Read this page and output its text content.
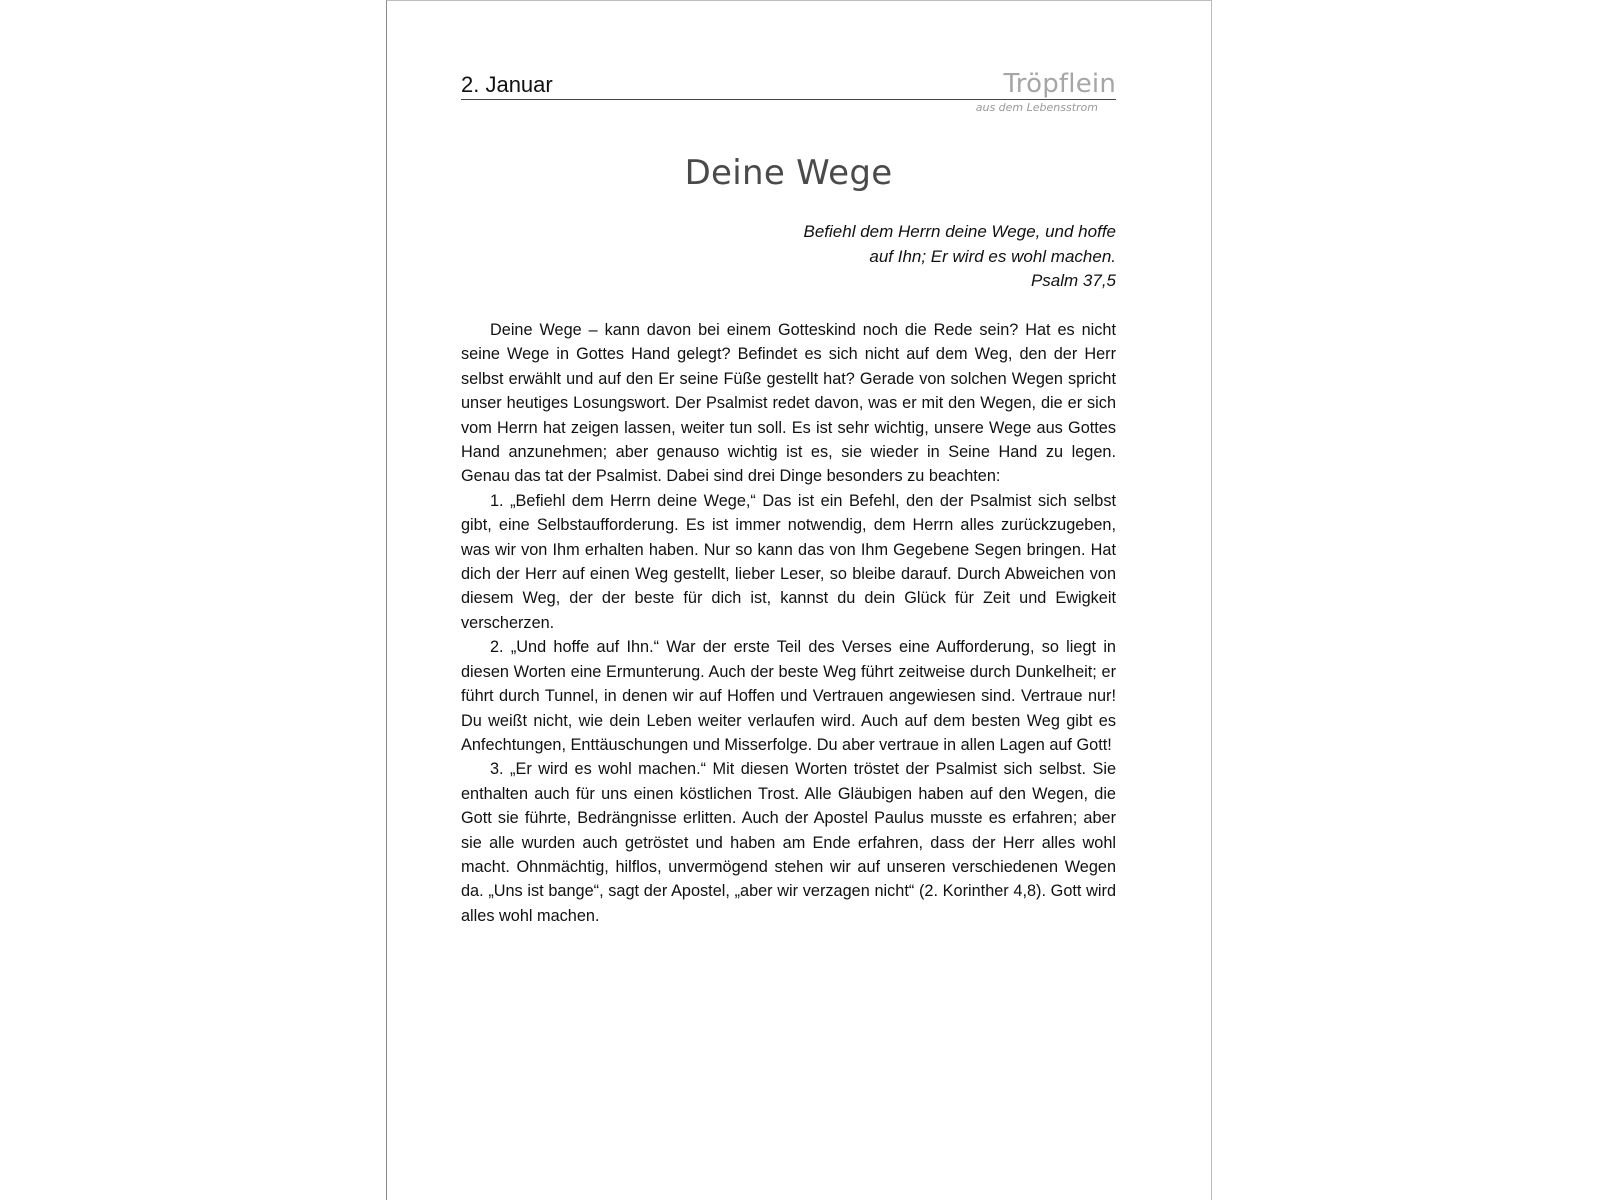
2. Januar	Tröpflein
aus dem Lebensstrom
Deine Wege
Befiehl dem Herrn deine Wege, und hoffe
auf Ihn; Er wird es wohl machen.
Psalm 37,5

Deine Wege – kann davon bei einem Gotteskind noch die Rede sein? Hat es nicht seine Wege in Gottes Hand gelegt? Befindet es sich nicht auf dem Weg, den der Herr selbst erwählt und auf den Er seine Füße gestellt hat? Gerade von solchen Wegen spricht unser heutiges Losungswort. Der Psalmist redet davon, was er mit den Wegen, die er sich vom Herrn hat zeigen lassen, weiter tun soll. Es ist sehr wichtig, unsere Wege aus Gottes Hand anzunehmen; aber genauso wichtig ist es, sie wieder in Seine Hand zu legen. Genau das tat der Psalmist. Dabei sind drei Dinge besonders zu beachten:

1. „Befiehl dem Herrn deine Wege,“ Das ist ein Befehl, den der Psalmist sich selbst gibt, eine Selbstaufforderung. Es ist immer notwendig, dem Herrn alles zurückzugeben, was wir von Ihm erhalten haben. Nur so kann das von Ihm Gegebene Segen bringen. Hat dich der Herr auf einen Weg gestellt, lieber Leser, so bleibe darauf. Durch Abweichen von diesem Weg, der der beste für dich ist, kannst du dein Glück für Zeit und Ewigkeit verscherzen.

2. „Und hoffe auf Ihn.“ War der erste Teil des Verses eine Aufforderung, so liegt in diesen Worten eine Ermunterung. Auch der beste Weg führt zeitweise durch Dunkelheit; er führt durch Tunnel, in denen wir auf Hoffen und Vertrauen angewiesen sind. Vertraue nur! Du weißt nicht, wie dein Leben weiter verlaufen wird. Auch auf dem besten Weg gibt es Anfechtungen, Enttäuschungen und Misserfolge. Du aber vertraue in allen Lagen auf Gott!

3. „Er wird es wohl machen.“ Mit diesen Worten tröstet der Psalmist sich selbst. Sie enthalten auch für uns einen köstlichen Trost. Alle Gläubigen haben auf den Wegen, die Gott sie führte, Bedrängnisse erlitten. Auch der Apostel Paulus musste es erfahren; aber sie alle wurden auch getröstet und haben am Ende erfahren, dass der Herr alles wohl macht. Ohnmächtig, hilflos, unvermögend stehen wir auf unseren verschiedenen Wegen da. „Uns ist bange“, sagt der Apostel, „aber wir verzagen nicht“ (2. Korinther 4,8). Gott wird alles wohl machen.
